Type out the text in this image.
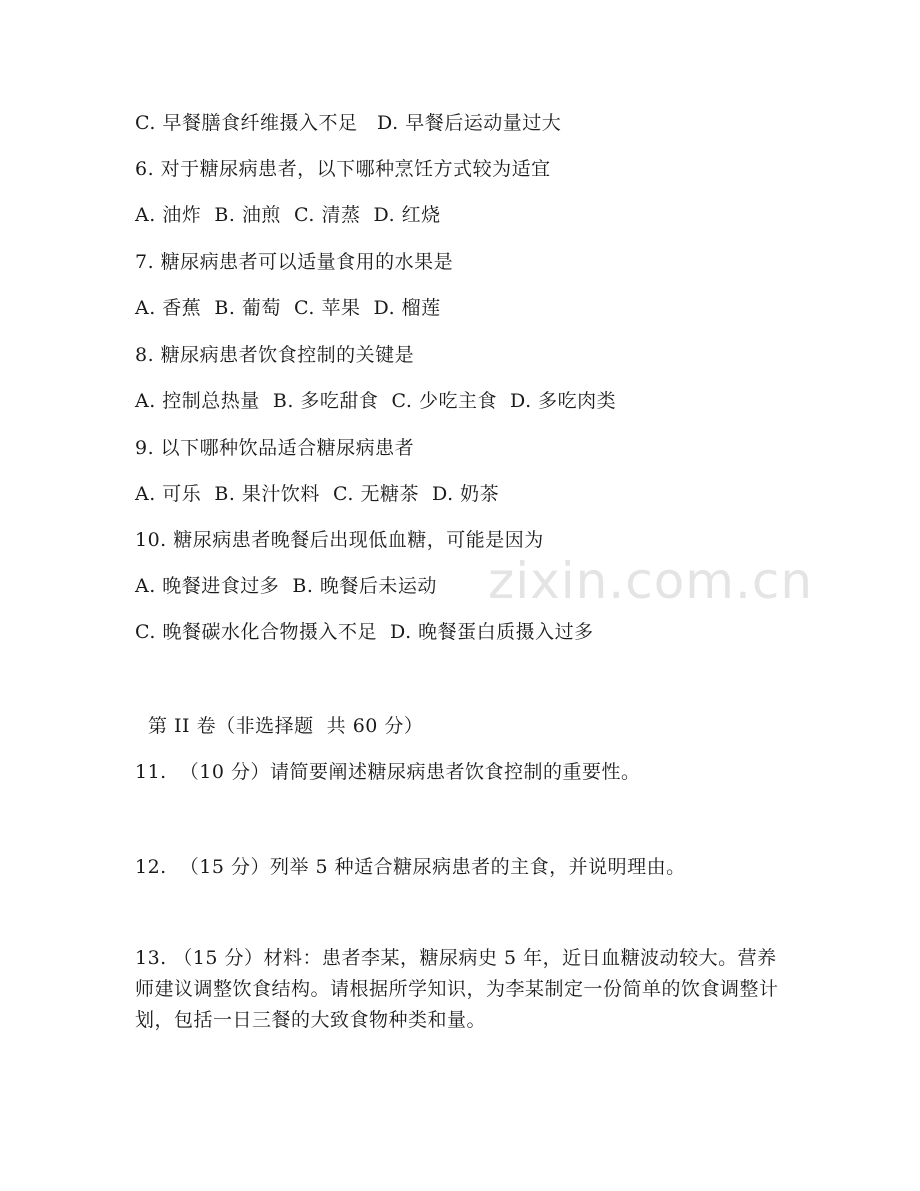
zixin.com.cn
C. 早餐膳食纤维摄入不足   D. 早餐后运动量过大
6. 对于糖尿病患者，以下哪种烹饪方式较为适宜
A. 油炸  B. 油煎  C. 清蒸  D. 红烧
7. 糖尿病患者可以适量食用的水果是
A. 香蕉  B. 葡萄  C. 苹果  D. 榴莲
8. 糖尿病患者饮食控制的关键是
A. 控制总热量  B. 多吃甜食  C. 少吃主食  D. 多吃肉类
9. 以下哪种饮品适合糖尿病患者
A. 可乐  B. 果汁饮料  C. 无糖茶  D. 奶茶
10. 糖尿病患者晚餐后出现低血糖，可能是因为
A. 晚餐进食过多  B. 晚餐后未运动
C. 晚餐碳水化合物摄入不足  D. 晚餐蛋白质摄入过多
第 II 卷（非选择题  共 60 分）
11.  （10 分）请简要阐述糖尿病患者饮食控制的重要性。
12.  （15 分）列举 5 种适合糖尿病患者的主食，并说明理由。
13. （15 分）材料：患者李某，糖尿病史 5 年，近日血糖波动较大。营养师建议调整饮食结构。请根据所学知识，为李某制定一份简单的饮食调整计划，包括一日三餐的大致食物种类和量。
